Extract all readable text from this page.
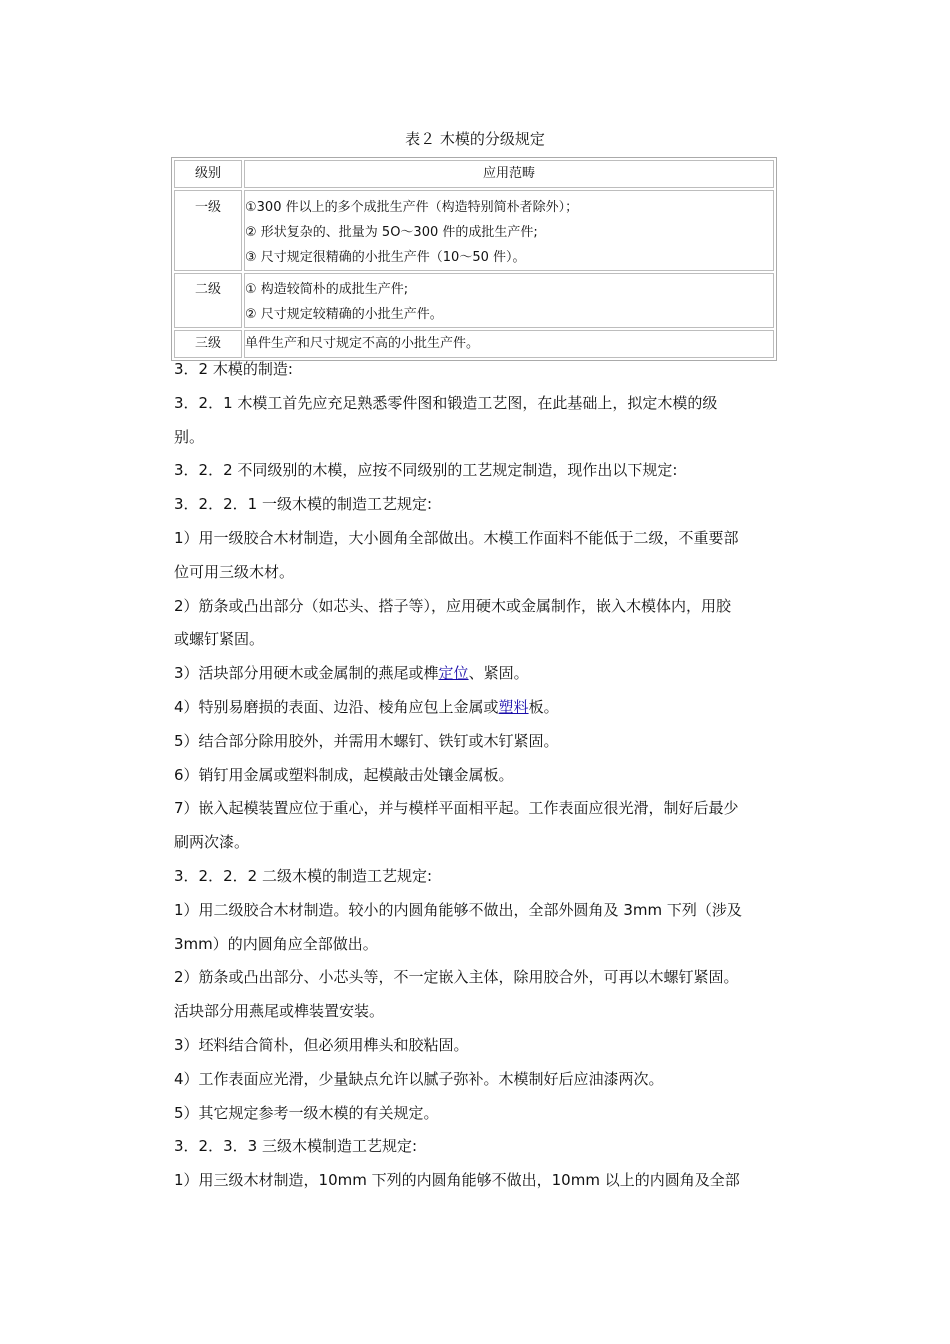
表２ 木模的分级规定
级别	应用范畴
一级	①300 件以上的多个成批生产件（构造特别简朴者除外）；
② 形状复杂的、批量为 5O～300 件的成批生产件;
③ 尺寸规定很精确的小批生产件（10～50 件）。

二级	① 构造较简朴的成批生产件;
② 尺寸规定较精确的小批生产件。

三级	单件生产和尺寸规定不高的小批生产件。

3．2 木模的制造:

3．2．1 木模工首先应充足熟悉零件图和锻造工艺图，在此基础上，拟定木模的级

别。

3．2．2 不同级别的木模，应按不同级别的工艺规定制造，现作出以下规定:

3．2．2．1 一级木模的制造工艺规定:

1）用一级胶合木材制造，大小圆角全部做出。木模工作面料不能低于二级，不重要部

位可用三级木材。

2）筋条或凸出部分（如芯头、搭子等），应用硬木或金属制作，嵌入木模体内，用胶

或螺钉紧固。

3）活块部分用硬木或金属制的燕尾或榫定位、紧固。

4）特别易磨损的表面、边沿、棱角应包上金属或塑料板。

5）结合部分除用胶外，并需用木螺钉、铁钉或木钉紧固。

6）销钉用金属或塑料制成，起模敲击处镶金属板。

7）嵌入起模装置应位于重心，并与模样平面相平起。工作表面应很光滑，制好后最少

刷两次漆。

3．2．2．2 二级木模的制造工艺规定:

1）用二级胶合木材制造。较小的内圆角能够不做出，全部外圆角及 3mm 下列（涉及

3mm）的内圆角应全部做出。

2）筋条或凸出部分、小芯头等，不一定嵌入主体，除用胶合外，可再以木螺钉紧固。

活块部分用燕尾或榫装置安装。

3）坯料结合简朴，但必须用榫头和胶粘固。

4）工作表面应光滑，少量缺点允许以腻子弥补。木模制好后应油漆两次。

5）其它规定参考一级木模的有关规定。

3．2．3．3 三级木模制造工艺规定:

1）用三级木材制造，10mm 下列的内圆角能够不做出，10mm 以上的内圆角及全部
